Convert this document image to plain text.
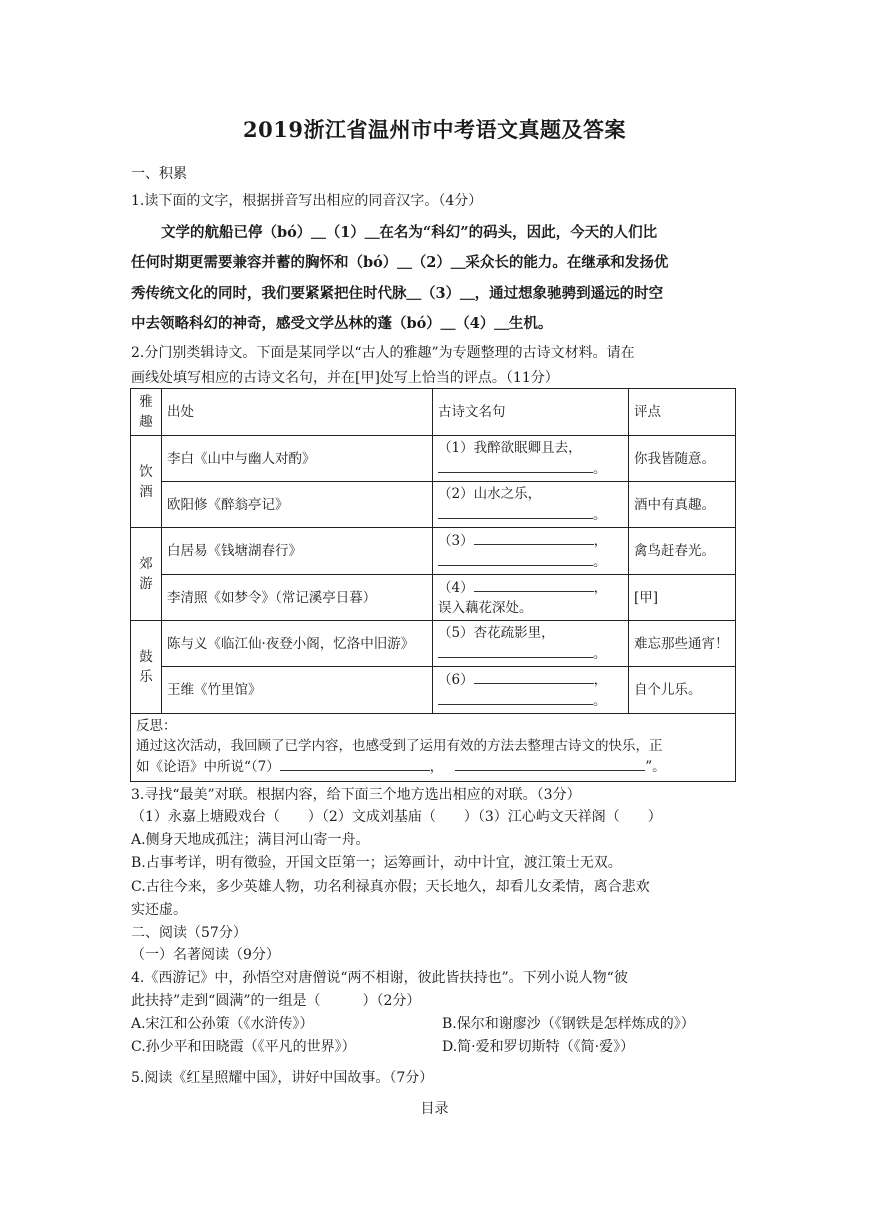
2019浙江省温州市中考语文真题及答案
一、积累
1.读下面的文字，根据拼音写出相应的同音汉字。（4分）
文学的航船已停（bó）＿（1）＿在名为“科幻”的码头，因此，今天的人们比
任何时期更需要兼容并蓄的胸怀和（bó）＿（2）＿采众长的能力。在继承和发扬优
秀传统文化的同时，我们要紧紧把住时代脉＿（3）＿，通过想象驰骋到遥远的时空
中去领略科幻的神奇，感受文学丛林的蓬（bó）＿（4）＿生机。
2.分门别类辑诗文。下面是某同学以“古人的雅趣”为专题整理的古诗文材料。请在
画线处填写相应的古诗文名句，并在[甲]处写上恰当的评点。（11分）
雅趣	出处	古诗文名句	评点
饮酒	李白《山中与幽人对酌》	（1）我醉欲眠卿且去，
。	你我皆随意。
	欧阳修《醉翁亭记》	（2）山水之乐，
。	酒中有真趣。
郊游	白居易《钱塘湖春行》	（3） ，
。	禽鸟赶春光。
	李清照《如梦令》（常记溪亭日暮）	（4） ，
误入藕花深处。	[甲]
鼓乐	陈与义《临江仙·夜登小阁，忆洛中旧游》	（5）杏花疏影里，
。	难忘那些通宵！
	王维《竹里馆》	（6） ，
。	自个儿乐。

反思：
通过这次活动，我回顾了已学内容，也感受到了运用有效的方法去整理古诗文的快乐，正
如《论语》中所说“（7） ， ”。			
3.寻找“最美”对联。根据内容，给下面三个地方选出相应的对联。（3分）
（1）永嘉上塘殿戏台（　　）（2）文成刘基庙（　　）（3）江心屿文天祥阁（　　）
A.侧身天地成孤注；满目河山寄一舟。
B.占事考详，明有徵验，开国文臣第一；运筹画计，动中计宜，渡江策士无双。
C.古往今来，多少英雄人物，功名利禄真亦假；天长地久，却看儿女柔情，离合悲欢
实还虚。
二、阅读（57分）
（一）名著阅读（9分）
4.《西游记》中，孙悟空对唐僧说“两不相谢，彼此皆扶持也”。下列小说人物“彼
此扶持”走到“圆满”的一组是（　　　）（2分）
A.宋江和公孙策（《水浒传》）	B.保尔和谢廖沙（《钢铁是怎样炼成的》）
C.孙少平和田晓霞（《平凡的世界》）	D.简·爱和罗切斯特（《简·爱》）
5.阅读《红星照耀中国》，讲好中国故事。（7分）
目录
